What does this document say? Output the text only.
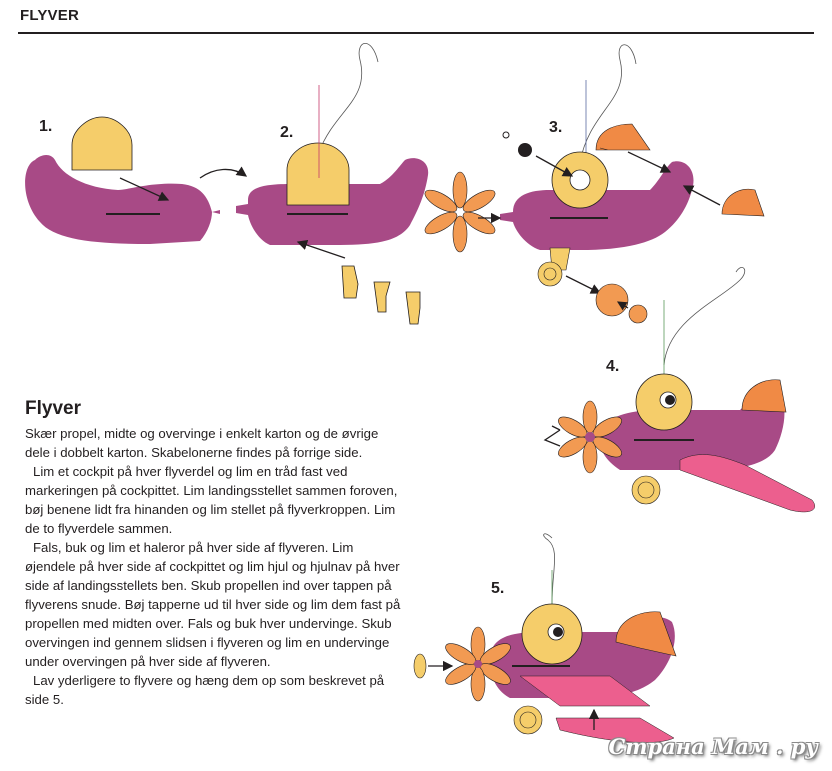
FLYVER
1.	2.	3.
4.
5.
Flyver

Skær propel, midte og overvinge i enkelt karton og de øvrige dele i dobbelt karton. Skabelonerne findes på forrige side.

Lim et cockpit på hver flyverdel og lim en tråd fast ved markeringen på cockpittet. Lim landingsstellet sammen foroven, bøj benene lidt fra hinanden og lim stellet på flyverkroppen. Lim de to flyverdele sammen.

Fals, buk og lim et haleror på hver side af flyveren. Lim øjendele på hver side af cockpittet og lim hjul og hjulnav på hver side af landingsstellets ben. Skub propellen ind over tappen på flyverens snude. Bøj tapperne ud til hver side og lim dem fast på propellen med midten over. Fals og buk hver undervinge. Skub overvingen ind gennem slidsen i flyveren og lim en undervinge under overvingen på hver side af flyveren.

Lav yderligere to flyvere og hæng dem op som beskrevet på side 5.

Страна Мам . ру
